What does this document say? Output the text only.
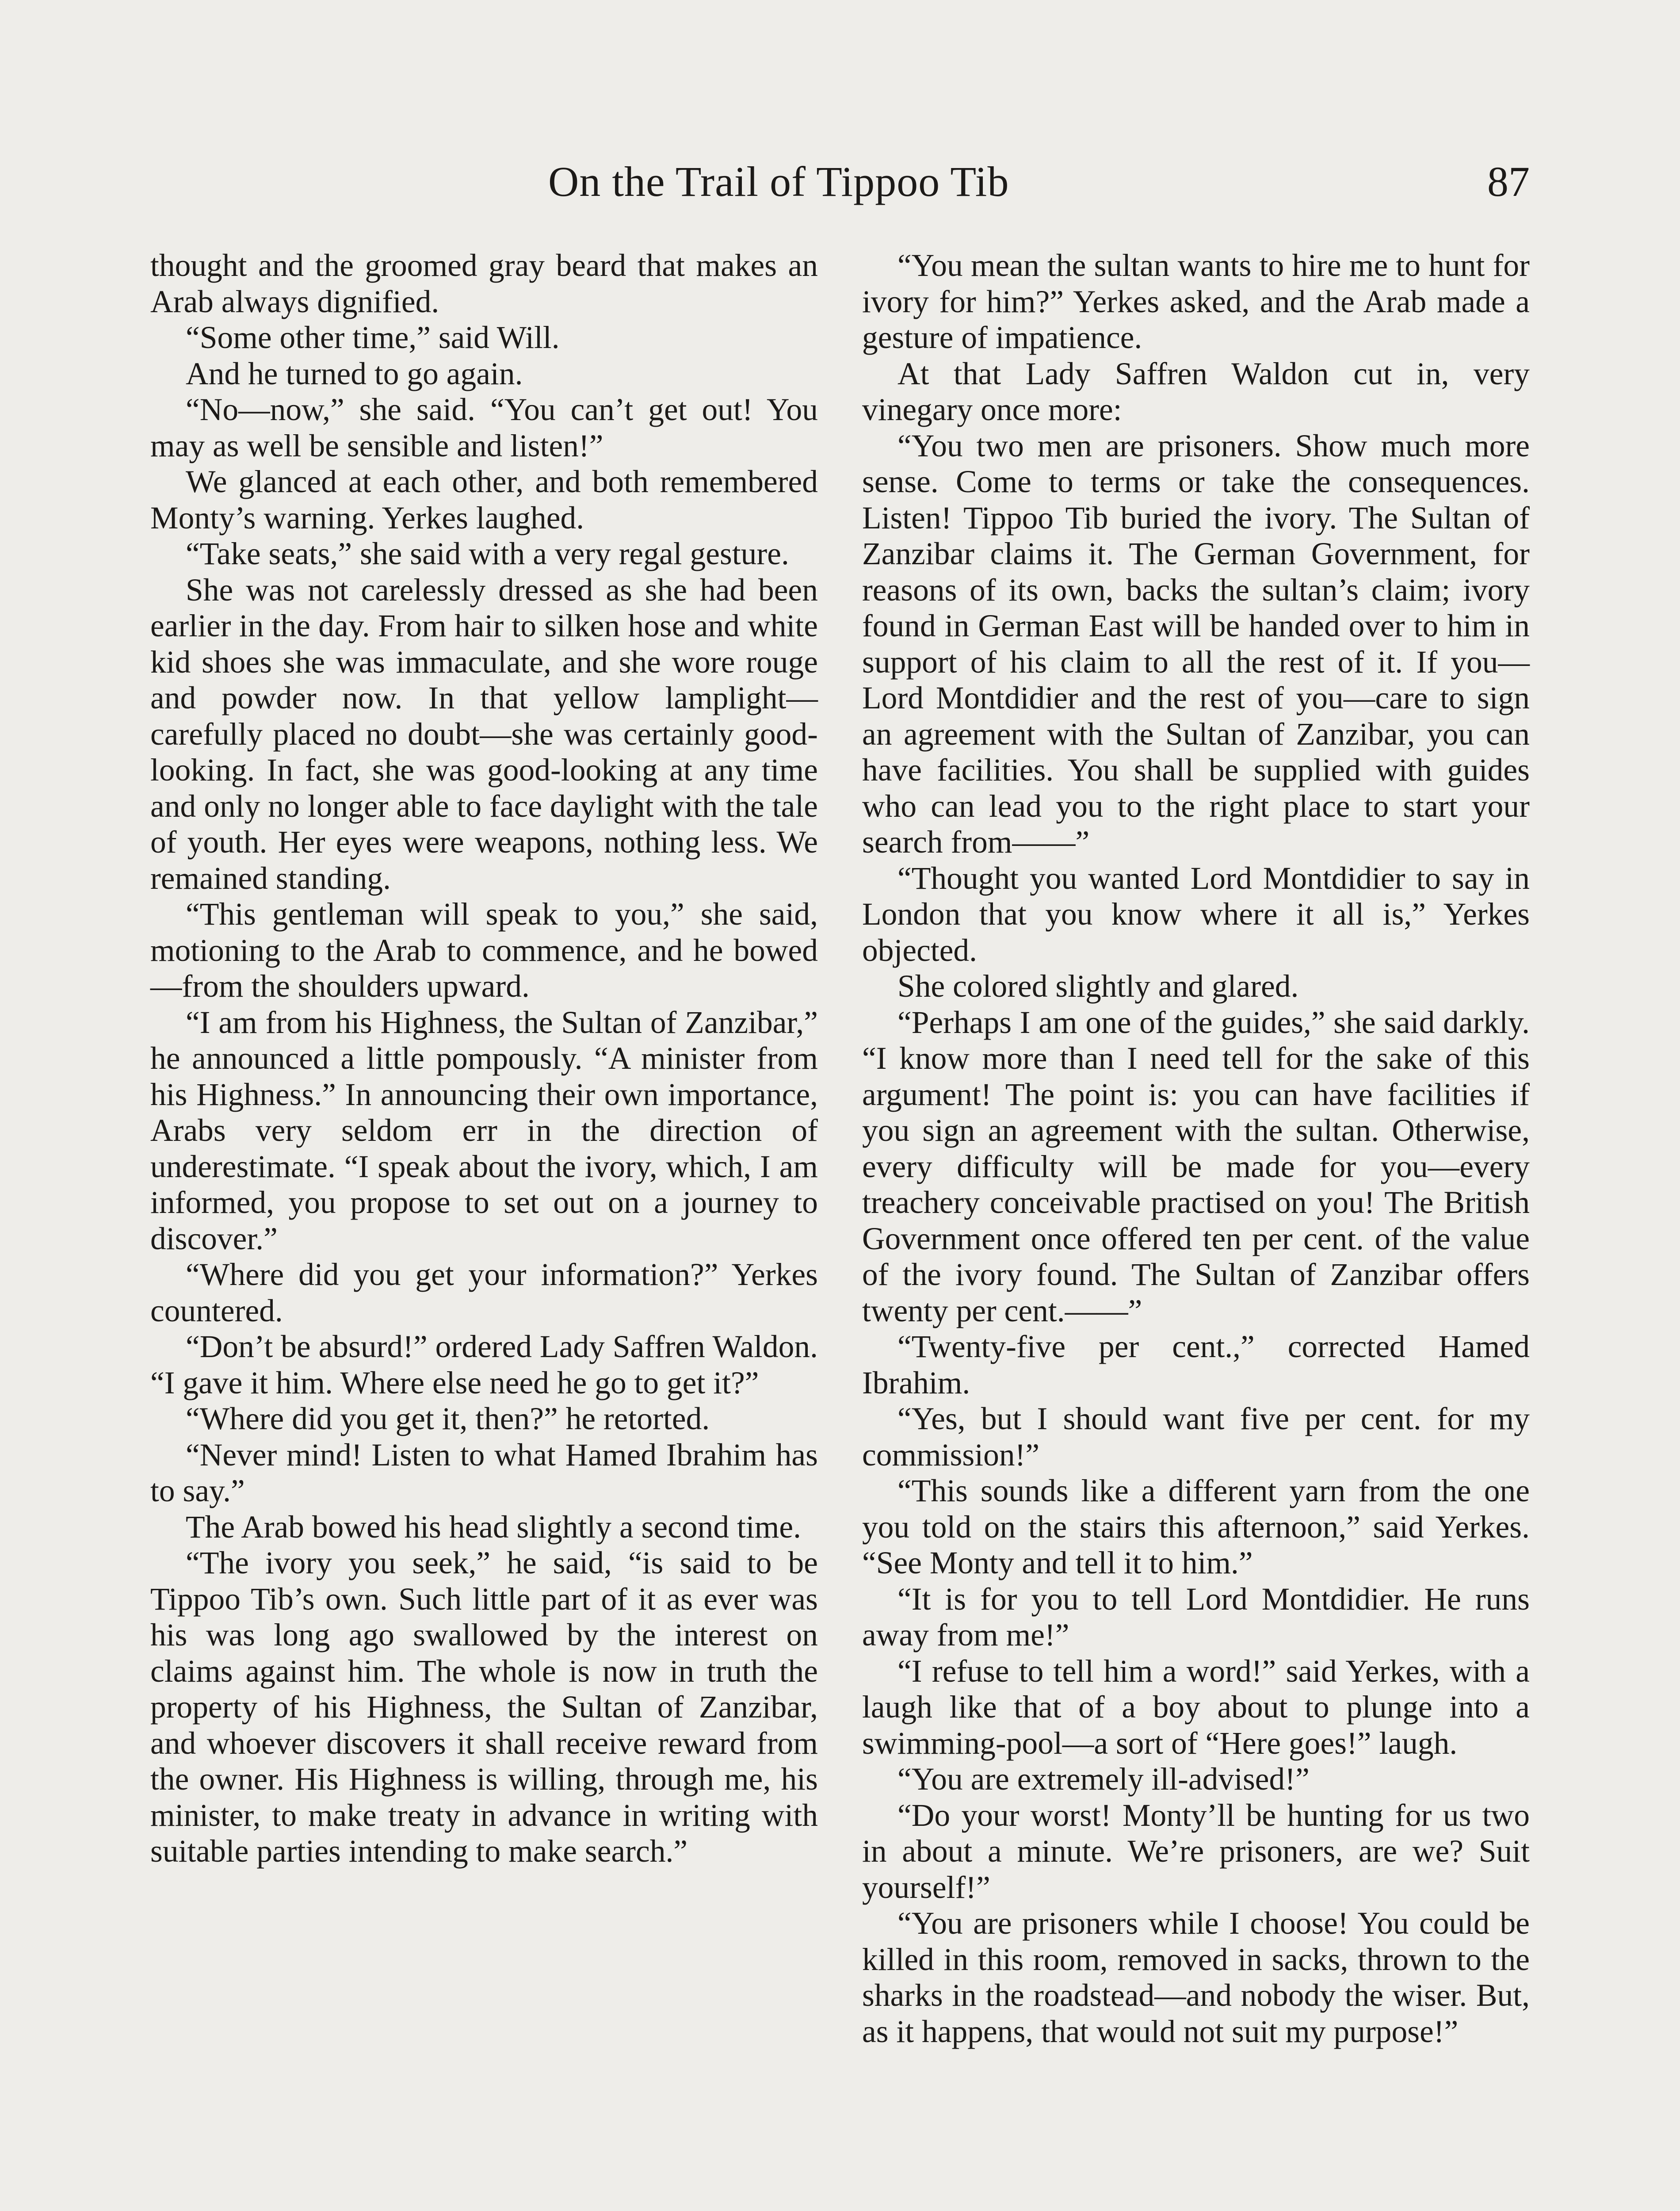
On the Trail of Tippoo Tib	87

thought and the groomed gray beard that makes an Arab always dignified.

“Some other time,” said Will.

And he turned to go again.

“No—now,” she said. “You can’t get out! You may as well be sensible and listen!”

We glanced at each other, and both remembered Monty’s warning. Yerkes laughed.

“Take seats,” she said with a very regal gesture.

She was not carelessly dressed as she had been earlier in the day. From hair to silken hose and white kid shoes she was immaculate, and she wore rouge and powder now. In that yellow lamplight—carefully placed no doubt—she was certainly good-looking. In fact, she was good-looking at any time and only no longer able to face daylight with the tale of youth. Her eyes were weapons, nothing less. We remained standing.

“This gentleman will speak to you,” she said, motioning to the Arab to commence, and he bowed—from the shoulders upward.

“I am from his Highness, the Sultan of Zanzibar,” he announced a little pompously. “A minister from his Highness.” In announcing their own importance, Arabs very seldom err in the direction of underestimate. “I speak about the ivory, which, I am informed, you propose to set out on a journey to discover.”

“Where did you get your information?” Yerkes countered.

“Don’t be absurd!” ordered Lady Saffren Waldon. “I gave it him. Where else need he go to get it?”

“Where did you get it, then?” he retorted.

“Never mind! Listen to what Hamed Ibrahim has to say.”

The Arab bowed his head slightly a second time.

“The ivory you seek,” he said, “is said to be Tippoo Tib’s own. Such little part of it as ever was his was long ago swallowed by the interest on claims against him. The whole is now in truth the property of his Highness, the Sultan of Zanzibar, and whoever discovers it shall receive reward from the owner. His Highness is willing, through me, his minister, to make treaty in advance in writing with suitable parties intending to make search.”

“You mean the sultan wants to hire me to hunt for ivory for him?” Yerkes asked, and the Arab made a gesture of impatience.

At that Lady Saffren Waldon cut in, very vinegary once more:

“You two men are prisoners. Show much more sense. Come to terms or take the consequences. Listen! Tippoo Tib buried the ivory. The Sultan of Zanzibar claims it. The German Government, for reasons of its own, backs the sultan’s claim; ivory found in German East will be handed over to him in support of his claim to all the rest of it. If you—Lord Montdidier and the rest of you—care to sign an agreement with the Sultan of Zanzibar, you can have facilities. You shall be supplied with guides who can lead you to the right place to start your search from——”

“Thought you wanted Lord Montdidier to say in London that you know where it all is,” Yerkes objected.

She colored slightly and glared.

“Perhaps I am one of the guides,” she said darkly. “I know more than I need tell for the sake of this argument! The point is: you can have facilities if you sign an agreement with the sultan. Otherwise, every difficulty will be made for you—every treachery conceivable practised on you! The British Government once offered ten per cent. of the value of the ivory found. The Sultan of Zanzibar offers twenty per cent.——”

“Twenty-five per cent.,” corrected Hamed Ibrahim.

“Yes, but I should want five per cent. for my commission!”

“This sounds like a different yarn from the one you told on the stairs this afternoon,” said Yerkes. “See Monty and tell it to him.”

“It is for you to tell Lord Montdidier. He runs away from me!”

“I refuse to tell him a word!” said Yerkes, with a laugh like that of a boy about to plunge into a swimming-pool—a sort of “Here goes!” laugh.

“You are extremely ill-advised!”

“Do your worst! Monty’ll be hunting for us two in about a minute. We’re prisoners, are we? Suit yourself!”

“You are prisoners while I choose! You could be killed in this room, removed in sacks, thrown to the sharks in the roadstead—and nobody the wiser. But, as it happens, that would not suit my purpose!”
